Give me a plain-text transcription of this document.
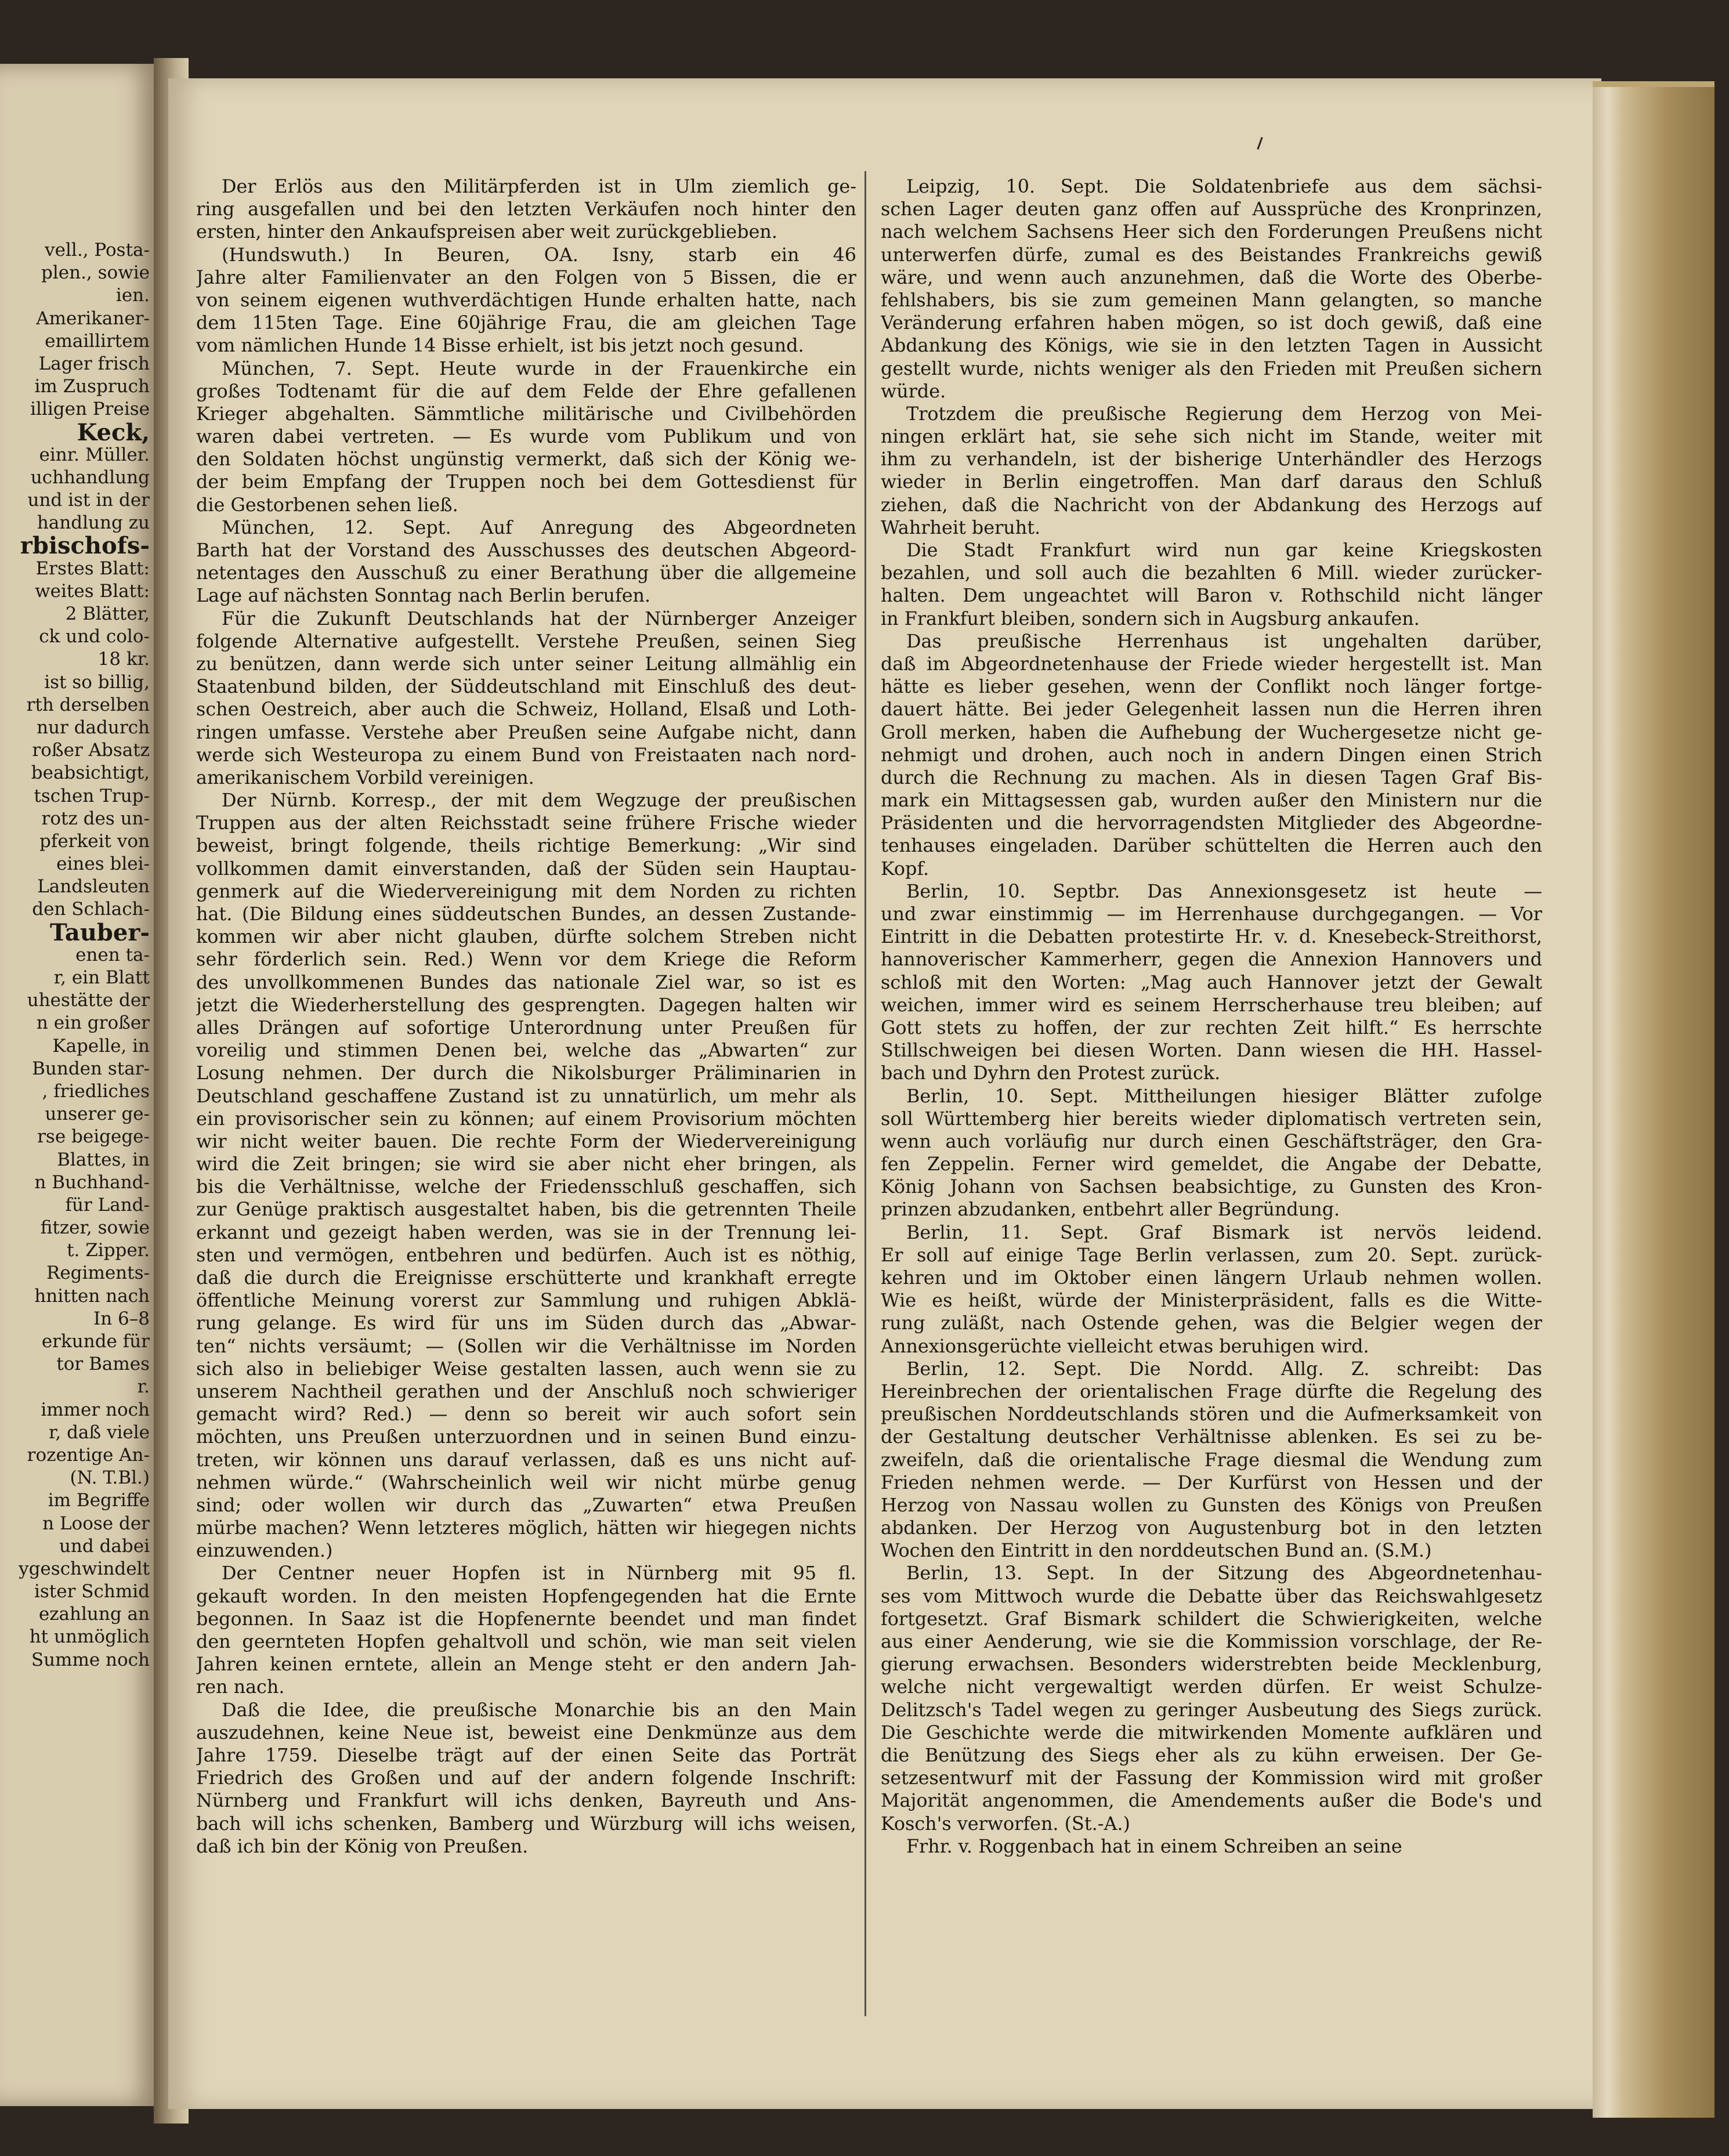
vell., Posta-
plen., sowie
ien.
Amerikaner-
emaillirtem
Lager frisch
im Zuspruch
illigen Preise
Keck,
einr. Müller.
uchhandlung
und ist in der
handlung zu
rbischofs-
Erstes Blatt:
weites Blatt:
2 Blätter,
ck und colo-
18 kr.
ist so billig,
rth derselben
nur dadurch
roßer Absatz
beabsichtigt,
tschen Trup-
rotz des un-
pferkeit von
eines blei-
Landsleuten
den Schlach-
Tauber-
enen ta-
r, ein Blatt
uhestätte der
n ein großer
Kapelle, in
Bunden star-
, friedliches
unserer ge-
rse beigege-
Blattes, in
n Buchhand-
für Land-
fitzer, sowie
t. Zipper.
Regiments-
hnitten nach
In 6–8
erkunde für
tor Bames
r.
immer noch
r, daß viele
rozentige An-
(N. T.Bl.)
im Begriffe
n Loose der
und dabei
ygeschwindelt
ister Schmid
ezahlung an
ht unmöglich
Summe noch
Der Erlös aus den Militärpferden ist in Ulm ziemlich ge-
ring ausgefallen und bei den letzten Verkäufen noch hinter den
ersten, hinter den Ankaufspreisen aber weit zurückgeblieben.
(Hundswuth.) In Beuren, OA. Isny, starb ein 46
Jahre alter Familienvater an den Folgen von 5 Bissen, die er
von seinem eigenen wuthverdächtigen Hunde erhalten hatte, nach
dem 115ten Tage. Eine 60jährige Frau, die am gleichen Tage
vom nämlichen Hunde 14 Bisse erhielt, ist bis jetzt noch gesund.
München, 7. Sept. Heute wurde in der Frauenkirche ein
großes Todtenamt für die auf dem Felde der Ehre gefallenen
Krieger abgehalten. Sämmtliche militärische und Civilbehörden
waren dabei vertreten. — Es wurde vom Publikum und von
den Soldaten höchst ungünstig vermerkt, daß sich der König we-
der beim Empfang der Truppen noch bei dem Gottesdienst für
die Gestorbenen sehen ließ.
München, 12. Sept. Auf Anregung des Abgeordneten
Barth hat der Vorstand des Ausschusses des deutschen Abgeord-
netentages den Ausschuß zu einer Berathung über die allgemeine
Lage auf nächsten Sonntag nach Berlin berufen.
Für die Zukunft Deutschlands hat der Nürnberger Anzeiger
folgende Alternative aufgestellt. Verstehe Preußen, seinen Sieg
zu benützen, dann werde sich unter seiner Leitung allmählig ein
Staatenbund bilden, der Süddeutschland mit Einschluß des deut-
schen Oestreich, aber auch die Schweiz, Holland, Elsaß und Loth-
ringen umfasse. Verstehe aber Preußen seine Aufgabe nicht, dann
werde sich Westeuropa zu einem Bund von Freistaaten nach nord-
amerikanischem Vorbild vereinigen.
Der Nürnb. Korresp., der mit dem Wegzuge der preußischen
Truppen aus der alten Reichsstadt seine frühere Frische wieder
beweist, bringt folgende, theils richtige Bemerkung: „Wir sind
vollkommen damit einverstanden, daß der Süden sein Hauptau-
genmerk auf die Wiedervereinigung mit dem Norden zu richten
hat. (Die Bildung eines süddeutschen Bundes, an dessen Zustande-
kommen wir aber nicht glauben, dürfte solchem Streben nicht
sehr förderlich sein. Red.) Wenn vor dem Kriege die Reform
des unvollkommenen Bundes das nationale Ziel war, so ist es
jetzt die Wiederherstellung des gesprengten. Dagegen halten wir
alles Drängen auf sofortige Unterordnung unter Preußen für
voreilig und stimmen Denen bei, welche das „Abwarten“ zur
Losung nehmen. Der durch die Nikolsburger Präliminarien in
Deutschland geschaffene Zustand ist zu unnatürlich, um mehr als
ein provisorischer sein zu können; auf einem Provisorium möchten
wir nicht weiter bauen. Die rechte Form der Wiedervereinigung
wird die Zeit bringen; sie wird sie aber nicht eher bringen, als
bis die Verhältnisse, welche der Friedensschluß geschaffen, sich
zur Genüge praktisch ausgestaltet haben, bis die getrennten Theile
erkannt und gezeigt haben werden, was sie in der Trennung lei-
sten und vermögen, entbehren und bedürfen. Auch ist es nöthig,
daß die durch die Ereignisse erschütterte und krankhaft erregte
öffentliche Meinung vorerst zur Sammlung und ruhigen Abklä-
rung gelange. Es wird für uns im Süden durch das „Abwar-
ten“ nichts versäumt; — (Sollen wir die Verhältnisse im Norden
sich also in beliebiger Weise gestalten lassen, auch wenn sie zu
unserem Nachtheil gerathen und der Anschluß noch schwieriger
gemacht wird? Red.) — denn so bereit wir auch sofort sein
möchten, uns Preußen unterzuordnen und in seinen Bund einzu-
treten, wir können uns darauf verlassen, daß es uns nicht auf-
nehmen würde.“ (Wahrscheinlich weil wir nicht mürbe genug
sind; oder wollen wir durch das „Zuwarten“ etwa Preußen
mürbe machen? Wenn letzteres möglich, hätten wir hiegegen nichts
einzuwenden.)
Der Centner neuer Hopfen ist in Nürnberg mit 95 fl.
gekauft worden. In den meisten Hopfengegenden hat die Ernte
begonnen. In Saaz ist die Hopfenernte beendet und man findet
den geernteten Hopfen gehaltvoll und schön, wie man seit vielen
Jahren keinen erntete, allein an Menge steht er den andern Jah-
ren nach.
Daß die Idee, die preußische Monarchie bis an den Main
auszudehnen, keine Neue ist, beweist eine Denkmünze aus dem
Jahre 1759. Dieselbe trägt auf der einen Seite das Porträt
Friedrich des Großen und auf der andern folgende Inschrift:
Nürnberg und Frankfurt will ichs denken, Bayreuth und Ans-
bach will ichs schenken, Bamberg und Würzburg will ichs weisen,
daß ich bin der König von Preußen.
Leipzig, 10. Sept. Die Soldatenbriefe aus dem sächsi-
schen Lager deuten ganz offen auf Aussprüche des Kronprinzen,
nach welchem Sachsens Heer sich den Forderungen Preußens nicht
unterwerfen dürfe, zumal es des Beistandes Frankreichs gewiß
wäre, und wenn auch anzunehmen, daß die Worte des Oberbe-
fehlshabers, bis sie zum gemeinen Mann gelangten, so manche
Veränderung erfahren haben mögen, so ist doch gewiß, daß eine
Abdankung des Königs, wie sie in den letzten Tagen in Aussicht
gestellt wurde, nichts weniger als den Frieden mit Preußen sichern
würde.
Trotzdem die preußische Regierung dem Herzog von Mei-
ningen erklärt hat, sie sehe sich nicht im Stande, weiter mit
ihm zu verhandeln, ist der bisherige Unterhändler des Herzogs
wieder in Berlin eingetroffen. Man darf daraus den Schluß
ziehen, daß die Nachricht von der Abdankung des Herzogs auf
Wahrheit beruht.
Die Stadt Frankfurt wird nun gar keine Kriegskosten
bezahlen, und soll auch die bezahlten 6 Mill. wieder zurücker-
halten. Dem ungeachtet will Baron v. Rothschild nicht länger
in Frankfurt bleiben, sondern sich in Augsburg ankaufen.
Das preußische Herrenhaus ist ungehalten darüber,
daß im Abgeordnetenhause der Friede wieder hergestellt ist. Man
hätte es lieber gesehen, wenn der Conflikt noch länger fortge-
dauert hätte. Bei jeder Gelegenheit lassen nun die Herren ihren
Groll merken, haben die Aufhebung der Wuchergesetze nicht ge-
nehmigt und drohen, auch noch in andern Dingen einen Strich
durch die Rechnung zu machen. Als in diesen Tagen Graf Bis-
mark ein Mittagsessen gab, wurden außer den Ministern nur die
Präsidenten und die hervorragendsten Mitglieder des Abgeordne-
tenhauses eingeladen. Darüber schüttelten die Herren auch den
Kopf.
Berlin, 10. Septbr. Das Annexionsgesetz ist heute —
und zwar einstimmig — im Herrenhause durchgegangen. — Vor
Eintritt in die Debatten protestirte Hr. v. d. Knesebeck-Streithorst,
hannoverischer Kammerherr, gegen die Annexion Hannovers und
schloß mit den Worten: „Mag auch Hannover jetzt der Gewalt
weichen, immer wird es seinem Herrscherhause treu bleiben; auf
Gott stets zu hoffen, der zur rechten Zeit hilft.“ Es herrschte
Stillschweigen bei diesen Worten. Dann wiesen die HH. Hassel-
bach und Dyhrn den Protest zurück.
Berlin, 10. Sept. Mittheilungen hiesiger Blätter zufolge
soll Württemberg hier bereits wieder diplomatisch vertreten sein,
wenn auch vorläufig nur durch einen Geschäftsträger, den Gra-
fen Zeppelin. Ferner wird gemeldet, die Angabe der Debatte,
König Johann von Sachsen beabsichtige, zu Gunsten des Kron-
prinzen abzudanken, entbehrt aller Begründung.
Berlin, 11. Sept. Graf Bismark ist nervös leidend.
Er soll auf einige Tage Berlin verlassen, zum 20. Sept. zurück-
kehren und im Oktober einen längern Urlaub nehmen wollen.
Wie es heißt, würde der Ministerpräsident, falls es die Witte-
rung zuläßt, nach Ostende gehen, was die Belgier wegen der
Annexionsgerüchte vielleicht etwas beruhigen wird.
Berlin, 12. Sept. Die Nordd. Allg. Z. schreibt: Das
Hereinbrechen der orientalischen Frage dürfte die Regelung des
preußischen Norddeutschlands stören und die Aufmerksamkeit von
der Gestaltung deutscher Verhältnisse ablenken. Es sei zu be-
zweifeln, daß die orientalische Frage diesmal die Wendung zum
Frieden nehmen werde. — Der Kurfürst von Hessen und der
Herzog von Nassau wollen zu Gunsten des Königs von Preußen
abdanken. Der Herzog von Augustenburg bot in den letzten
Wochen den Eintritt in den norddeutschen Bund an. (S.M.)
Berlin, 13. Sept. In der Sitzung des Abgeordnetenhau-
ses vom Mittwoch wurde die Debatte über das Reichswahlgesetz
fortgesetzt. Graf Bismark schildert die Schwierigkeiten, welche
aus einer Aenderung, wie sie die Kommission vorschlage, der Re-
gierung erwachsen. Besonders widerstrebten beide Mecklenburg,
welche nicht vergewaltigt werden dürfen. Er weist Schulze-
Delitzsch's Tadel wegen zu geringer Ausbeutung des Siegs zurück.
Die Geschichte werde die mitwirkenden Momente aufklären und
die Benützung des Siegs eher als zu kühn erweisen. Der Ge-
setzesentwurf mit der Fassung der Kommission wird mit großer
Majorität angenommen, die Amendements außer die Bode's und
Kosch's verworfen. (St.-A.)
Frhr. v. Roggenbach hat in einem Schreiben an seine
